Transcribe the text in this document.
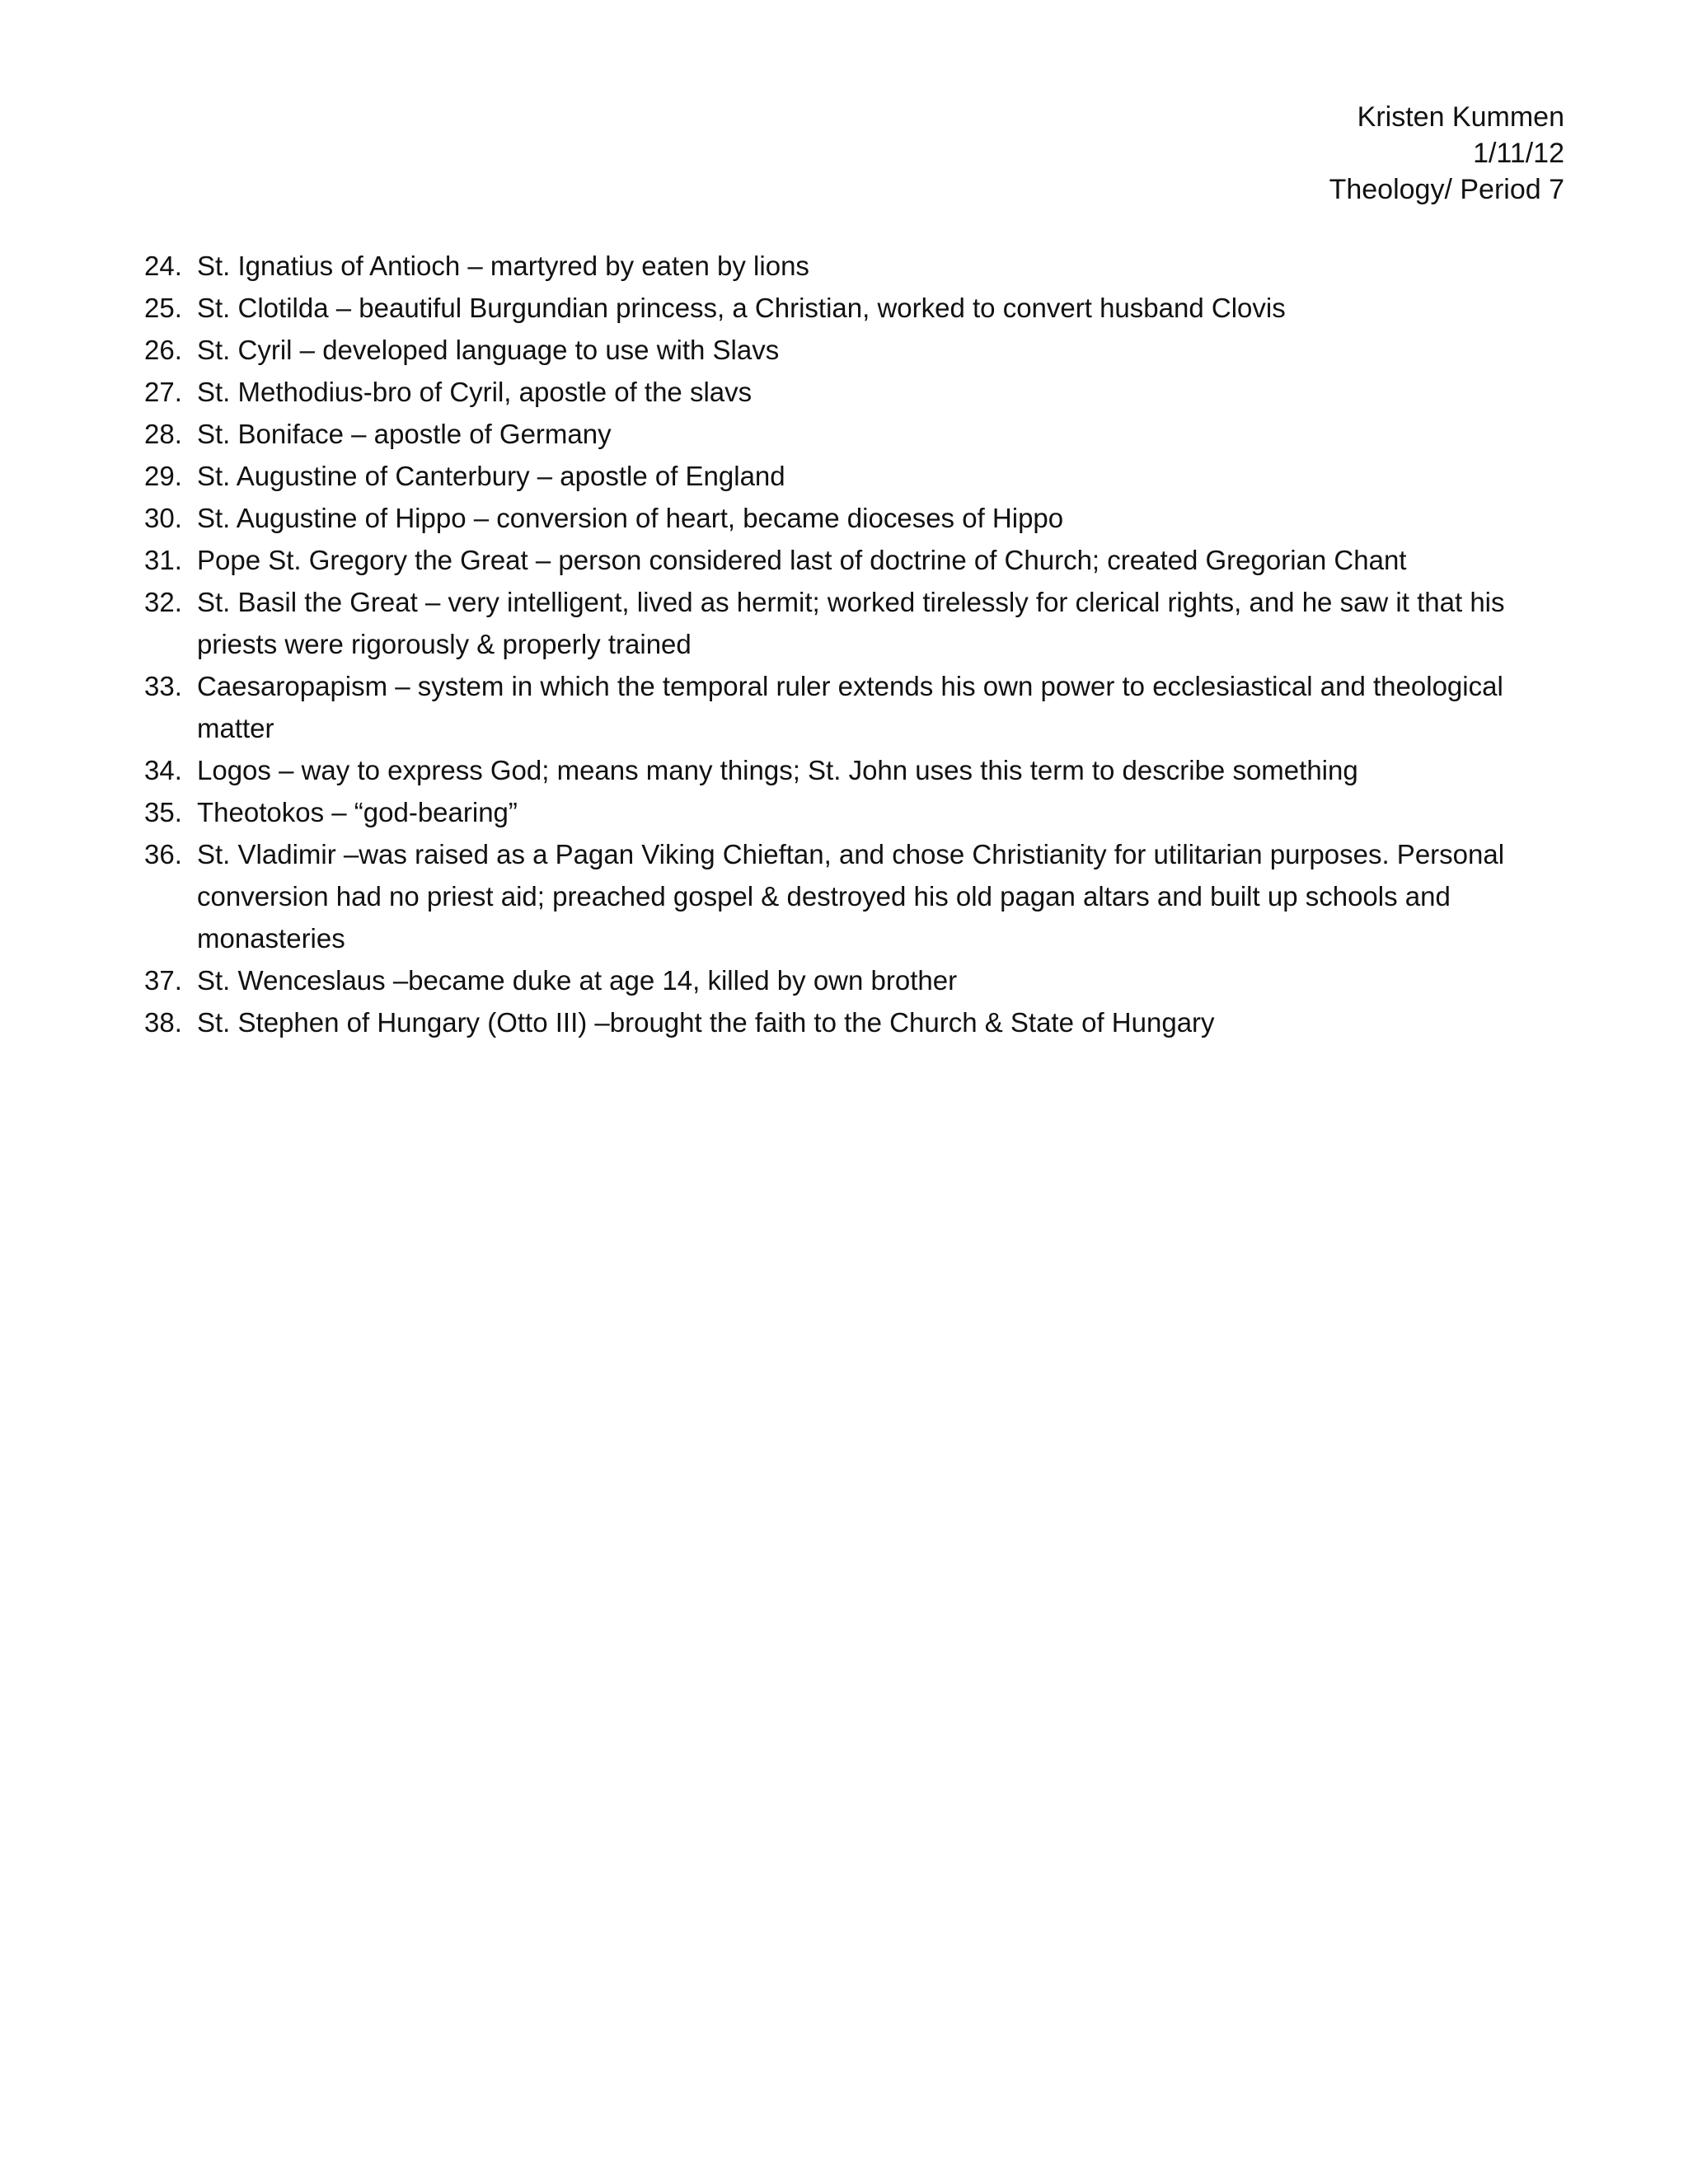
Kristen Kummen
1/11/12
Theology/ Period 7
24. St. Ignatius of Antioch – martyred by eaten by lions
25. St. Clotilda – beautiful Burgundian princess, a Christian, worked to convert husband Clovis
26. St. Cyril – developed language to use with Slavs
27. St. Methodius-bro of Cyril, apostle of the slavs
28. St. Boniface – apostle of Germany
29. St. Augustine of Canterbury – apostle of England
30. St. Augustine of Hippo – conversion of heart, became dioceses of Hippo
31. Pope St. Gregory the Great – person considered last of doctrine of Church; created Gregorian Chant
32. St. Basil the Great – very intelligent, lived as hermit; worked tirelessly for clerical rights, and he saw it that his priests were rigorously & properly trained
33. Caesaropapism – system in which the temporal ruler extends his own power to ecclesiastical and theological matter
34. Logos – way to express God; means many things; St. John uses this term to describe something
35. Theotokos – “god-bearing”
36. St. Vladimir –was raised as a Pagan Viking Chieftan, and chose Christianity for utilitarian purposes. Personal conversion had no priest aid; preached gospel & destroyed his old pagan altars and built up schools and monasteries
37. St. Wenceslaus –became duke at age 14, killed by own brother
38. St. Stephen of Hungary (Otto III) –brought the faith to the Church & State of Hungary
